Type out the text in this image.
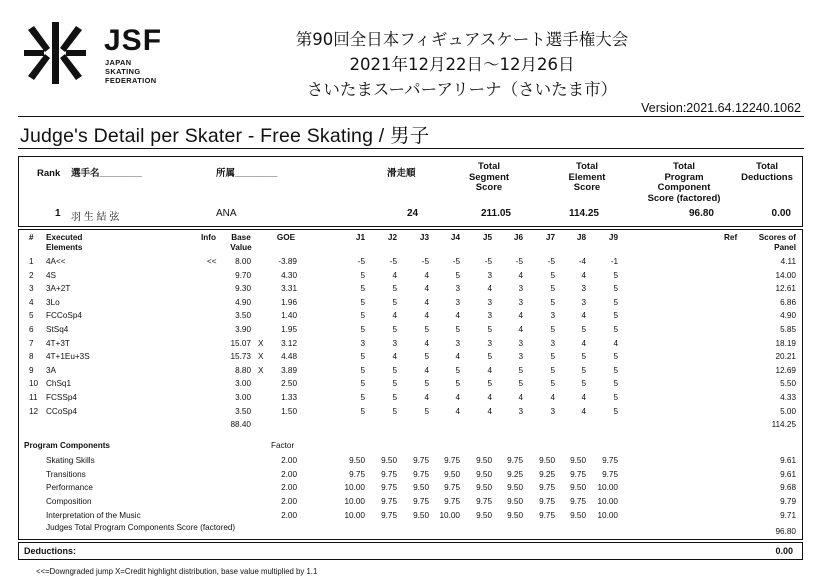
JSF
JAPAN
SKATING
FEDERATION
第90回全日本フィギュアスケート選手権大会
2021年12月22日～12月26日
さいたまスーパーアリーナ（さいたま市）
Version:2021.64.12240.1062
Judge's Detail per Skater - Free Skating / 男子
Rank 選手名________	所属________	滑走順
Total
Segment
Score
Total
Element
Score
Total
Program
Component
Score (factored)
Total
Deductions
1 羽 生 結 弦	ANA	24	211.05	114.25	96.80	0.00
# Executed
Elements
Info	Base
Value
GOE	J1	J2	J3	J4	J5	J6	J7	J8	J9	Ref	Scores of
Panel
1 4A<<	<<	8.00	-3.89	-5	-5	-5	-5	-5	-5	-5	-4	-1	4.11
2 4S	9.70	4.30	5	4	4	5	3	4	5	4	5	14.00
3 3A+2T	9.30	3.31	5	5	4	3	4	3	5	3	5	12.61
4 3Lo	4.90	1.96	5	5	4	3	3	3	5	3	5	6.86
5 FCCoSp4	3.50	1.40	5	4	4	4	3	4	3	4	5	4.90
6 StSq4	3.90	1.95	5	5	5	5	5	4	5	5	5	5.85
7 4T+3T	15.07 X	3.12	3	3	4	3	3	3	3	4	4	18.19
8 4T+1Eu+3S	15.73 X	4.48	5	4	5	4	5	3	5	5	5	20.21
9 3A	8.80 X	3.89	5	5	4	5	4	5	5	5	5	12.69
10 ChSq1	3.00	2.50	5	5	5	5	5	5	5	5	5	5.50
11 FCSSp4	3.00	1.33	5	5	4	4	4	4	4	4	5	4.33
12 CCoSp4	3.50	1.50	5	5	5	4	4	3	3	4	5	5.00
88.40	114.25
Program Components	Factor
Skating Skills	2.00	9.50	9.50	9.75	9.75	9.50	9.75	9.50	9.50	9.75	9.61
Transitions	2.00	9.75	9.75	9.75	9.50	9.50	9.25	9.25	9.75	9.75	9.61
Performance	2.00	10.00	9.75	9.50	9.75	9.50	9.50	9.75	9.50	10.00	9.68
Composition	2.00	10.00	9.75	9.75	9.75	9.75	9.50	9.75	9.75	10.00	9.79
Interpretation of the Music	2.00	10.00	9.75	9.50	10.00	9.50	9.50	9.75	9.50	10.00	9.71
Judges Total Program Components Score (factored)	96.80
Deductions:	0.00
<<=Downgraded jump X=Credit highlight distribution, base value multiplied by 1.1
